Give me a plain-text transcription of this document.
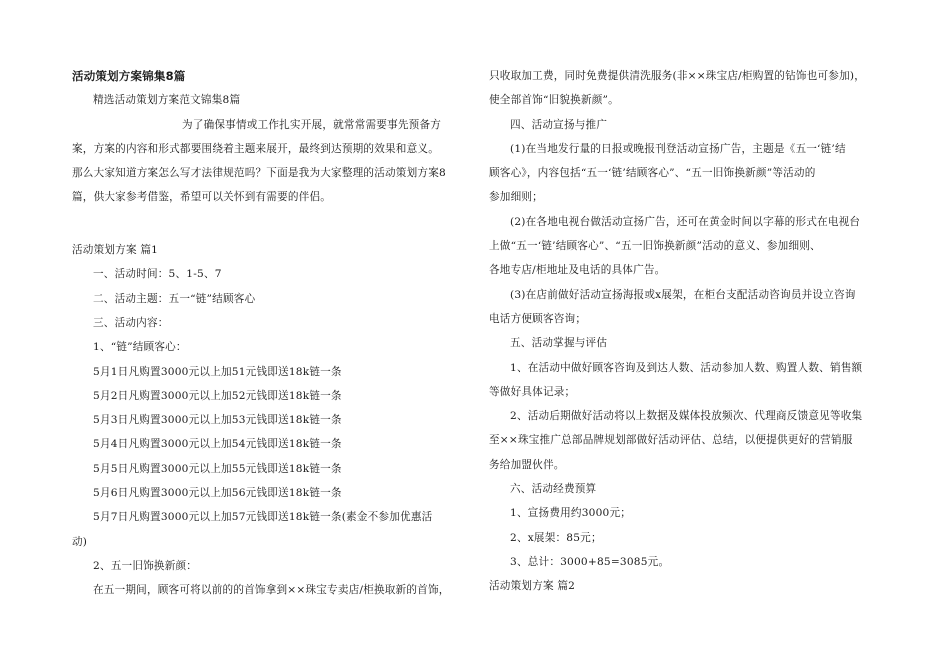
活动策划方案锦集8篇
精选活动策划方案范文锦集8篇
为了确保事情或工作扎实开展，就常常需要事先预备方
案，方案的内容和形式都要围绕着主题来展开，最终到达预期的效果和意义。
那么大家知道方案怎么写才法律规范吗？下面是我为大家整理的活动策划方案8
篇，供大家参考借鉴，希望可以关怀到有需要的伴侣。
活动策划方案 篇1
一、活动时间：5、1-5、7
二、活动主题：五一“链”结顾客心
三、活动内容：
1、“链”结顾客心：
5月1日凡购置3000元以上加51元钱即送18k链一条
5月2日凡购置3000元以上加52元钱即送18k链一条
5月3日凡购置3000元以上加53元钱即送18k链一条
5月4日凡购置3000元以上加54元钱即送18k链一条
5月5日凡购置3000元以上加55元钱即送18k链一条
5月6日凡购置3000元以上加56元钱即送18k链一条
5月7日凡购置3000元以上加57元钱即送18k链一条(素金不参加优惠活
动)
2、五一旧饰换新颜：
在五一期间，顾客可将以前的的首饰拿到××珠宝专卖店/柜换取新的首饰，
只收取加工费，同时免费提供清洗服务(非××珠宝店/柜购置的钻饰也可参加)，
使全部首饰“旧貌换新颜”。
四、活动宣扬与推广
(1)在当地发行量的日报或晚报刊登活动宣扬广告，主题是《五一‘链’结
顾客心》，内容包括“五一‘链’结顾客心”、“五一旧饰换新颜”等活动的
参加细则；
(2)在各地电视台做活动宣扬广告，还可在黄金时间以字幕的形式在电视台
上做“五一‘链’结顾客心”、“五一旧饰换新颜”活动的意义、参加细则、
各地专店/柜地址及电话的具体广告。
(3)在店前做好活动宣扬海报或x展架，在柜台支配活动咨询员并设立咨询
电话方便顾客咨询；
五、活动掌握与评估
1、在活动中做好顾客咨询及到达人数、活动参加人数、购置人数、销售额
等做好具体记录；
2、活动后期做好活动将以上数据及媒体投放频次、代理商反馈意见等收集
至××珠宝推广总部品牌规划部做好活动评估、总结，以便提供更好的营销服
务给加盟伙伴。
六、活动经费预算
1、宣扬费用约3000元；
2、x展架：85元；
3、总计：3000+85=3085元。
活动策划方案 篇2
